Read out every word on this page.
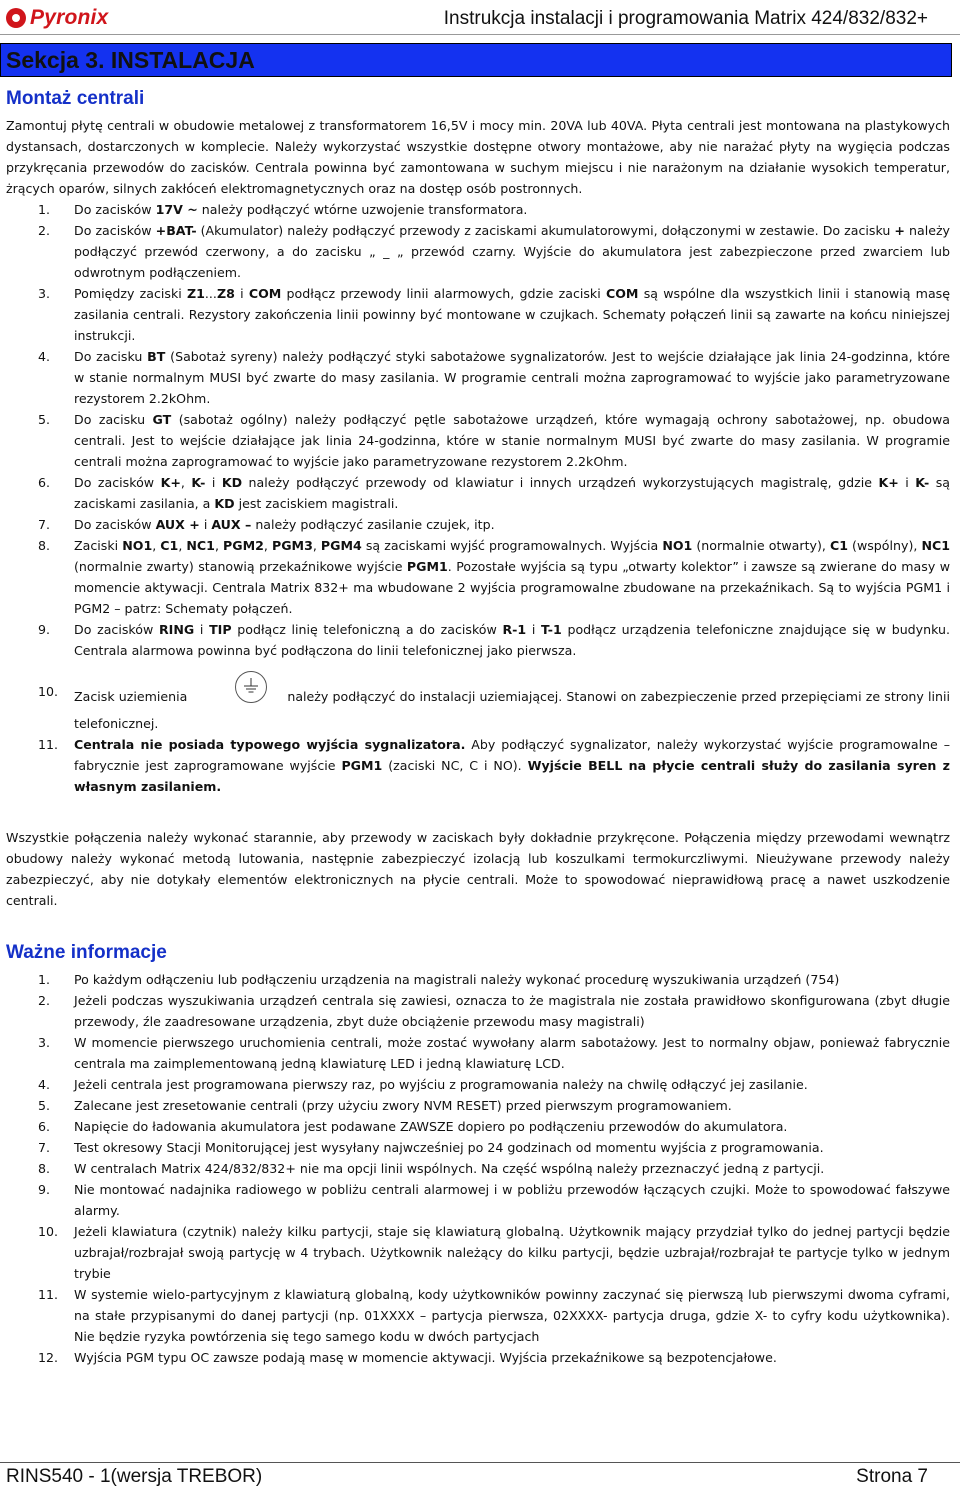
Pyronix	Instrukcja instalacji i programowania Matrix 424/832/832+
Sekcja 3. INSTALACJA
Montaż centrali

Zamontuj płytę centrali w obudowie metalowej z transformatorem 16,5V i mocy min. 20VA lub 40VA. Płyta centrali jest montowana na plastykowych dystansach, dostarczonych w komplecie. Należy wykorzystać wszystkie dostępne otwory montażowe, aby nie narażać płyty na wygięcia podczas przykręcania przewodów do zacisków. Centrala powinna być zamontowana w suchym miejscu i nie narażonym na działanie wysokich temperatur, żrących oparów, silnych zakłóceń elektromagnetycznych oraz na dostęp osób postronnych.

1. Do zacisków 17V ~ należy podłączyć wtórne uzwojenie transformatora.
2. Do zacisków +BAT- (Akumulator) należy podłączyć przewody z zaciskami akumulatorowymi, dołączonymi w zestawie. Do zacisku + należy podłączyć przewód czerwony, a do zacisku „ _ „ przewód czarny. Wyjście do akumulatora jest zabezpieczone przed zwarciem lub odwrotnym podłączeniem.
3. Pomiędzy zaciski Z1...Z8 i COM podłącz przewody linii alarmowych, gdzie zaciski COM są wspólne dla wszystkich linii i stanowią masę zasilania centrali. Rezystory zakończenia linii powinny być montowane w czujkach. Schematy połączeń linii są zawarte na końcu niniejszej instrukcji.
4. Do zacisku BT (Sabotaż syreny) należy podłączyć styki sabotażowe sygnalizatorów. Jest to wejście działające jak linia 24-godzinna, które w stanie normalnym MUSI być zwarte do masy zasilania. W programie centrali można zaprogramować to wyjście jako parametryzowane rezystorem 2.2kOhm.
5. Do zacisku GT (sabotaż ogólny) należy podłączyć pętle sabotażowe urządzeń, które wymagają ochrony sabotażowej, np. obudowa centrali. Jest to wejście działające jak linia 24-godzinna, które w stanie normalnym MUSI być zwarte do masy zasilania. W programie centrali można zaprogramować to wyjście jako parametryzowane rezystorem 2.2kOhm.
6. Do zacisków K+, K- i KD należy podłączyć przewody od klawiatur i innych urządzeń wykorzystujących magistralę, gdzie K+ i K- są zaciskami zasilania, a KD jest zaciskiem magistrali.
7. Do zacisków AUX + i AUX – należy podłączyć zasilanie czujek, itp.
8. Zaciski NO1, C1, NC1, PGM2, PGM3, PGM4 są zaciskami wyjść programowalnych. Wyjścia NO1 (normalnie otwarty), C1 (wspólny), NC1 (normalnie zwarty) stanowią przekaźnikowe wyjście PGM1. Pozostałe wyjścia są typu „otwarty kolektor” i zawsze są zwierane do masy w momencie aktywacji. Centrala Matrix 832+ ma wbudowane 2 wyjścia programowalne zbudowane na przekaźnikach. Są to wyjścia PGM1 i PGM2 – patrz: Schematy połączeń.
9. Do zacisków RING i TIP podłącz linię telefoniczną a do zacisków R-1 i T-1 podłącz urządzenia telefoniczne znajdujące się w budynku. Centrala alarmowa powinna być podłączona do linii telefonicznej jako pierwsza.
10. Zacisk uziemienia	należy podłączyć do instalacji uziemiającej. Stanowi on zabezpieczenie przed przepięciami ze strony linii telefonicznej.
11. Centrala nie posiada typowego wyjścia sygnalizatora. Aby podłączyć sygnalizator, należy wykorzystać wyjście programowalne – fabrycznie jest zaprogramowane wyjście PGM1 (zaciski NC, C i NO). Wyjście BELL na płycie centrali służy do zasilania syren z własnym zasilaniem.

Wszystkie połączenia należy wykonać starannie, aby przewody w zaciskach były dokładnie przykręcone. Połączenia między przewodami wewnątrz obudowy należy wykonać metodą lutowania, następnie zabezpieczyć izolacją lub koszulkami termokurczliwymi. Nieużywane przewody należy zabezpieczyć, aby nie dotykały elementów elektronicznych na płycie centrali. Może to spowodować nieprawidłową pracę a nawet uszkodzenie centrali.

Ważne informacje
1. Po każdym odłączeniu lub podłączeniu urządzenia na magistrali należy wykonać procedurę wyszukiwania urządzeń (754)
2. Jeżeli podczas wyszukiwania urządzeń centrala się zawiesi, oznacza to że magistrala nie została prawidłowo skonfigurowana (zbyt długie przewody, źle zaadresowane urządzenia, zbyt duże obciążenie przewodu masy magistrali)
3. W momencie pierwszego uruchomienia centrali, może zostać wywołany alarm sabotażowy. Jest to normalny objaw, ponieważ fabrycznie centrala ma zaimplementowaną jedną klawiaturę LED i jedną klawiaturę LCD.
4. Jeżeli centrala jest programowana pierwszy raz, po wyjściu z programowania należy na chwilę odłączyć jej zasilanie.
5. Zalecane jest zresetowanie centrali (przy użyciu zwory NVM RESET) przed pierwszym programowaniem.
6. Napięcie do ładowania akumulatora jest podawane ZAWSZE dopiero po podłączeniu przewodów do akumulatora.
7. Test okresowy Stacji Monitorującej jest wysyłany najwcześniej po 24 godzinach od momentu wyjścia z programowania.
8. W centralach Matrix 424/832/832+ nie ma opcji linii wspólnych. Na część wspólną należy przeznaczyć jedną z partycji.
9. Nie montować nadajnika radiowego w pobliżu centrali alarmowej i w pobliżu przewodów łączących czujki. Może to spowodować fałszywe alarmy.
10. Jeżeli klawiatura (czytnik) należy kilku partycji, staje się klawiaturą globalną. Użytkownik mający przydział tylko do jednej partycji będzie uzbrajał/rozbrajał swoją partycję w 4 trybach. Użytkownik należący do kilku partycji, będzie uzbrajał/rozbrajał te partycje tylko w jednym trybie
11. W systemie wielo-partycyjnym z klawiaturą globalną, kody użytkowników powinny zaczynać się pierwszą lub pierwszymi dwoma cyframi, na stałe przypisanymi do danej partycji (np. 01XXXX – partycja pierwsza, 02XXXX- partycja druga, gdzie X- to cyfry kodu użytkownika). Nie będzie ryzyka powtórzenia się tego samego kodu w dwóch partycjach
12. Wyjścia PGM typu OC zawsze podają masę w momencie aktywacji. Wyjścia przekaźnikowe są bezpotencjałowe.
RINS540 - 1(wersja TREBOR)	Strona 7
